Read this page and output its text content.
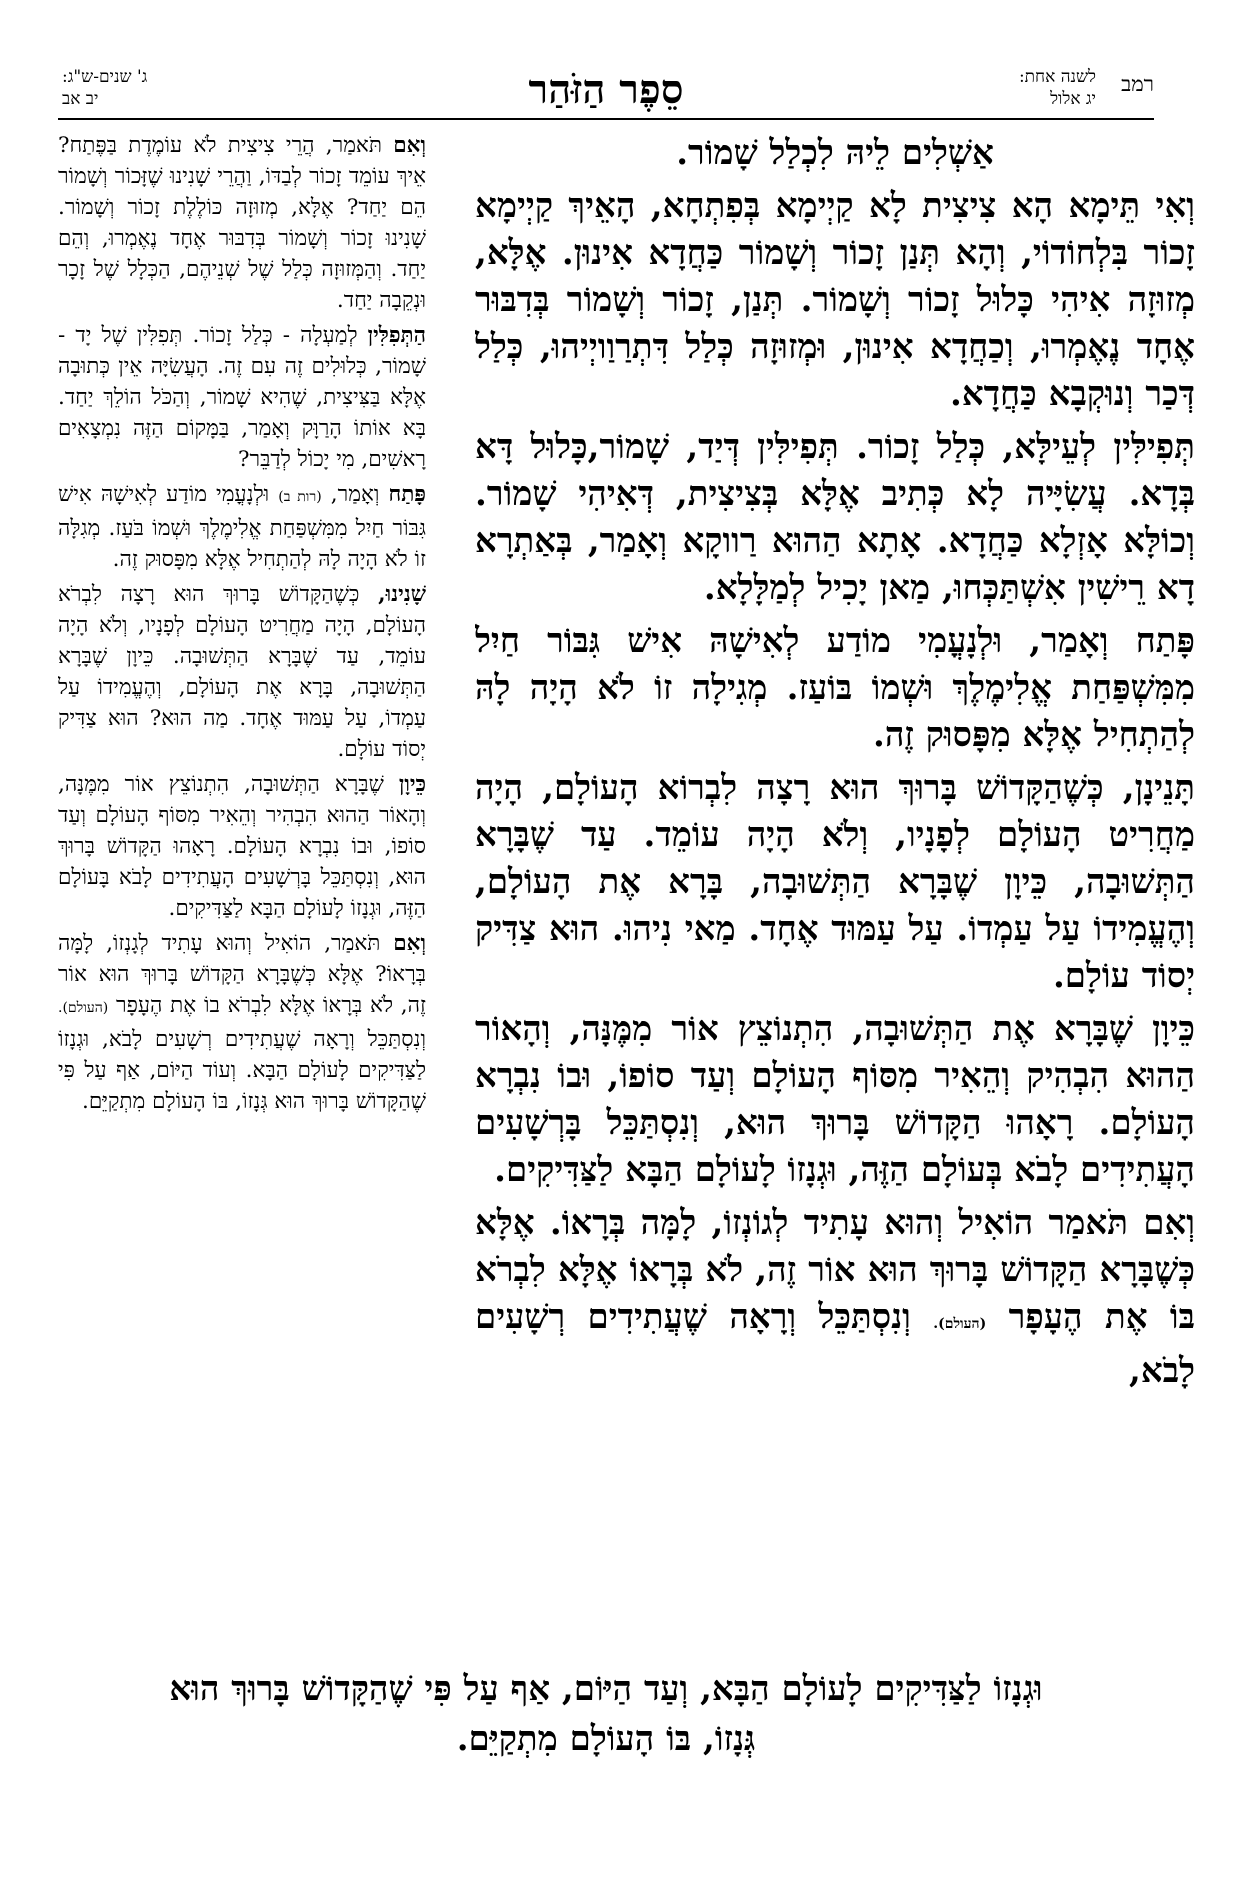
רמב
לשנה אחת:
יג אלול
סֵפֶר הַזֹּהַר
ג' שנים-ש"ג:
יב אב

אַשְׁלִים לֵיהּ לִכְלַל שָׁמוֹר.

וְאִי תֵּימָא הָא צִיצִית לָא קַיְימָא בְּפִתְחָא, הָאֵיךְ קַיְימָא זָכוֹר בִּלְחוֹדוֹי, וְהָא תְּנַן זָכוֹר וְשָׁמוֹר כַּחֲדָא אִינוּן. אֶלָּא, מְזוּזָה אִיהִי כָּלוּל זָכוֹר וְשָׁמוֹר. תְּנַן, זָכוֹר וְשָׁמוֹר בְּדִבּוּר אֶחָד נֶאֶמְרוּ, וְכַחֲדָא אִינוּן, וּמְזוּזָה כְּלַל דִּתְרַוַויְיהוּ, כְּלַל דְּכַר וְנוּקְבָא כַּחֲדָא.

תְּפִילִּין לְעֵילָּא, כְּלַל זָכוֹר. תְּפִילִּין דְּיַד, שָׁמוֹר,כָּלוּל דָּא בְּדָא. עֲשִׂיָּיה לָא כְּתִיב אֶלָּא בְּצִיצִית, דְּאִיהִי שָׁמוֹר. וְכוֹלָּא אָזְלָא כַּחֲדָא. אָתָא הַהוּא רַווקָא וְאָמַר, בְּאַתְרָא דָא רֵישִׁין אִשְׁתַּכְּחוּ, מַאן יָכִיל לְמַלָּלָא.

פָּתַח וְאָמַר, וּלְנָעֳמִי מוֹדַע לְאִישָׁהּ אִישׁ גִּבּוֹר חַיִל מִמִּשְׁפַּחַת אֱלִימֶלֶךְ וּשְׁמוֹ בּוֹעַז. מְגִילָה זוֹ לֹא הָיָה לָהּ לְהַתְחִיל אֶלָּא מִפָּסוּק זֶה.

תָּנֵינָן, כְּשֶׁהַקָּדוֹשׁ בָּרוּךְ הוּא רָצָה לִבְרוֹא הָעוֹלָם, הָיָה מַחֲרִיט הָעוֹלָם לְפָנָיו, וְלֹא הָיָה עוֹמֵד. עַד שֶׁבָּרָא הַתְּשׁוּבָה, כֵּיוָן שֶׁבָּרָא הַתְּשׁוּבָה, בָּרָא אֶת הָעוֹלָם, וְהֶעֱמִידוֹ עַל עַמְדוֹ. עַל עַמּוּד אֶחָד. מַאי נִיהוּ. הוּא צַדִּיק יְסוֹד עוֹלָם.

כֵּיוָן שֶׁבָּרָא אֶת הַתְּשׁוּבָה, הִתְנוֹצֵץ אוֹר מִמֶּנָּה, וְהָאוֹר הַהוּא הִבְהִיק וְהֵאִיר מִסּוֹף הָעוֹלָם וְעַד סוֹפוֹ, וּבוֹ נִבְרָא הָעוֹלָם. רָאָהוּ הַקָּדוֹשׁ בָּרוּךְ הוּא, וְנִסְתַּכֵּל בָּרְשָׁעִים הָעֲתִידִים לָבֹא בְּעוֹלָם הַזֶּה, וּגְנָזוֹ לָעוֹלָם הַבָּא לַצַּדִּיקִים.

וְאִם תֹּאמַר הוֹאִיל וְהוּא עָתִיד לְגוֹנְזוֹ, לָמָּה בְּרָאוֹ. אֶלָּא כְּשֶׁבָּרָא הַקָּדוֹשׁ בָּרוּךְ הוּא אוֹר זֶה, לֹא בְּרָאוֹ אֶלָּא לִבְרֹא בּוֹ אֶת הֶעָפָר (העולם). וְנִסְתַּכֵּל וְרָאָה שֶׁעֲתִידִים רְשָׁעִים לָבֹא,

וְאִם תֹּאמַר, הֲרֵי צִיצִית לֹא עוֹמֶדֶת בַּפֶּתַח? אֵיךְ עוֹמֵד זָכוֹר לְבַדּוֹ, וַהֲרֵי שָׁנִינוּ שֶׁזָּכוֹר וְשָׁמוֹר הֵם יַחַד? אֶלָּא, מְזוּזָה כּוֹלֶלֶת זָכוֹר וְשָׁמוֹר. שָׁנִינוּ זָכוֹר וְשָׁמוֹר בְּדִבּוּר אֶחָד נֶאֶמְרוּ, וְהֵם יַחַד. וְהַמְּזוּזָה כְּלַל שֶׁל שְׁנֵיהֶם, הַכְּלָל שֶׁל זָכָר וּנְקֵבָה יַחַד.

הַתְּפִלִּין לְמַעְלָה - כְּלַל זָכוֹר. תְּפִלִּין שֶׁל יָד - שָׁמוֹר, כְּלוּלִים זֶה עִם זֶה. הָעֲשִׂיָּה אֵין כְּתוּבָה אֶלָּא בַּצִּיצִית, שֶׁהִיא שָׁמוֹר, וְהַכֹּל הוֹלֵךְ יַחַד. בָּא אוֹתוֹ הָרַוָּק וְאָמַר, בַּמָּקוֹם הַזֶּה נִמְצָאִים רָאשִׁים, מִי יָכוֹל לְדַבֵּר?

פָּתַח וְאָמַר, (רות ב) וּלְנָעֳמִי מוֹדַע לְאִישָׁהּ אִישׁ גִּבּוֹר חַיִל מִמִּשְׁפַּחַת אֱלִימֶלֶךְ וּשְׁמוֹ בֹּעַז. מְגִלָּה זוֹ לֹא הָיָה לָהּ לְהַתְחִיל אֶלָּא מִפָּסוּק זֶה.

שָׁנִינוּ, כְּשֶׁהַקָּדוֹשׁ בָּרוּךְ הוּא רָצָה לִבְרֹא הָעוֹלָם, הָיָה מַחֲרִיט הָעוֹלָם לְפָנָיו, וְלֹא הָיָה עוֹמֵד, עַד שֶׁבָּרָא הַתְּשׁוּבָה. כֵּיוָן שֶׁבָּרָא הַתְּשׁוּבָה, בָּרָא אֶת הָעוֹלָם, וְהֶעֱמִידוֹ עַל עַמְדוֹ, עַל עַמּוּד אֶחָד. מַה הוּא? הוּא צַדִּיק יְסוֹד עוֹלָם.

כֵּיוָן שֶׁבָּרָא הַתְּשׁוּבָה, הִתְנוֹצֵץ אוֹר מִמֶּנָּה, וְהָאוֹר הַהוּא הִבְהִיר וְהֵאִיר מִסּוֹף הָעוֹלָם וְעַד סוֹפוֹ, וּבוֹ נִבְרָא הָעוֹלָם. רָאָהוּ הַקָּדוֹשׁ בָּרוּךְ הוּא, וְנִסְתַּכֵּל בָּרְשָׁעִים הָעֲתִידִים לָבֹא בָּעוֹלָם הַזֶּה, וּגְנָזוֹ לָעוֹלָם הַבָּא לַצַּדִּיקִים.

וְאִם תֹּאמַר, הוֹאִיל וְהוּא עָתִיד לְגָנְזוֹ, לָמָּה בְּרָאוֹ? אֶלָּא כְּשֶׁבָּרָא הַקָּדוֹשׁ בָּרוּךְ הוּא אוֹר זֶה, לֹא בְּרָאוֹ אֶלָּא לִבְרֹא בוֹ אֶת הֶעָפָר (העולם). וְנִסְתַּכֵּל וְרָאָה שֶׁעֲתִידִים רְשָׁעִים לָבֹא, וּגְנָזוֹ לַצַּדִּיקִים לָעוֹלָם הַבָּא. וְעוֹד הַיּוֹם, אַף עַל פִּי שֶׁהַקָּדוֹשׁ בָּרוּךְ הוּא גְּנָזוֹ, בּוֹ הָעוֹלָם מִתְקַיֵּם.

וּגְנָזוֹ לַצַּדִּיקִים לָעוֹלָם הַבָּא, וְעַד הַיּוֹם, אַף עַל פִּי שֶׁהַקָּדוֹשׁ בָּרוּךְ הוּא

גְּנָזוֹ, בּוֹ הָעוֹלָם מִתְקַיֵּם.
